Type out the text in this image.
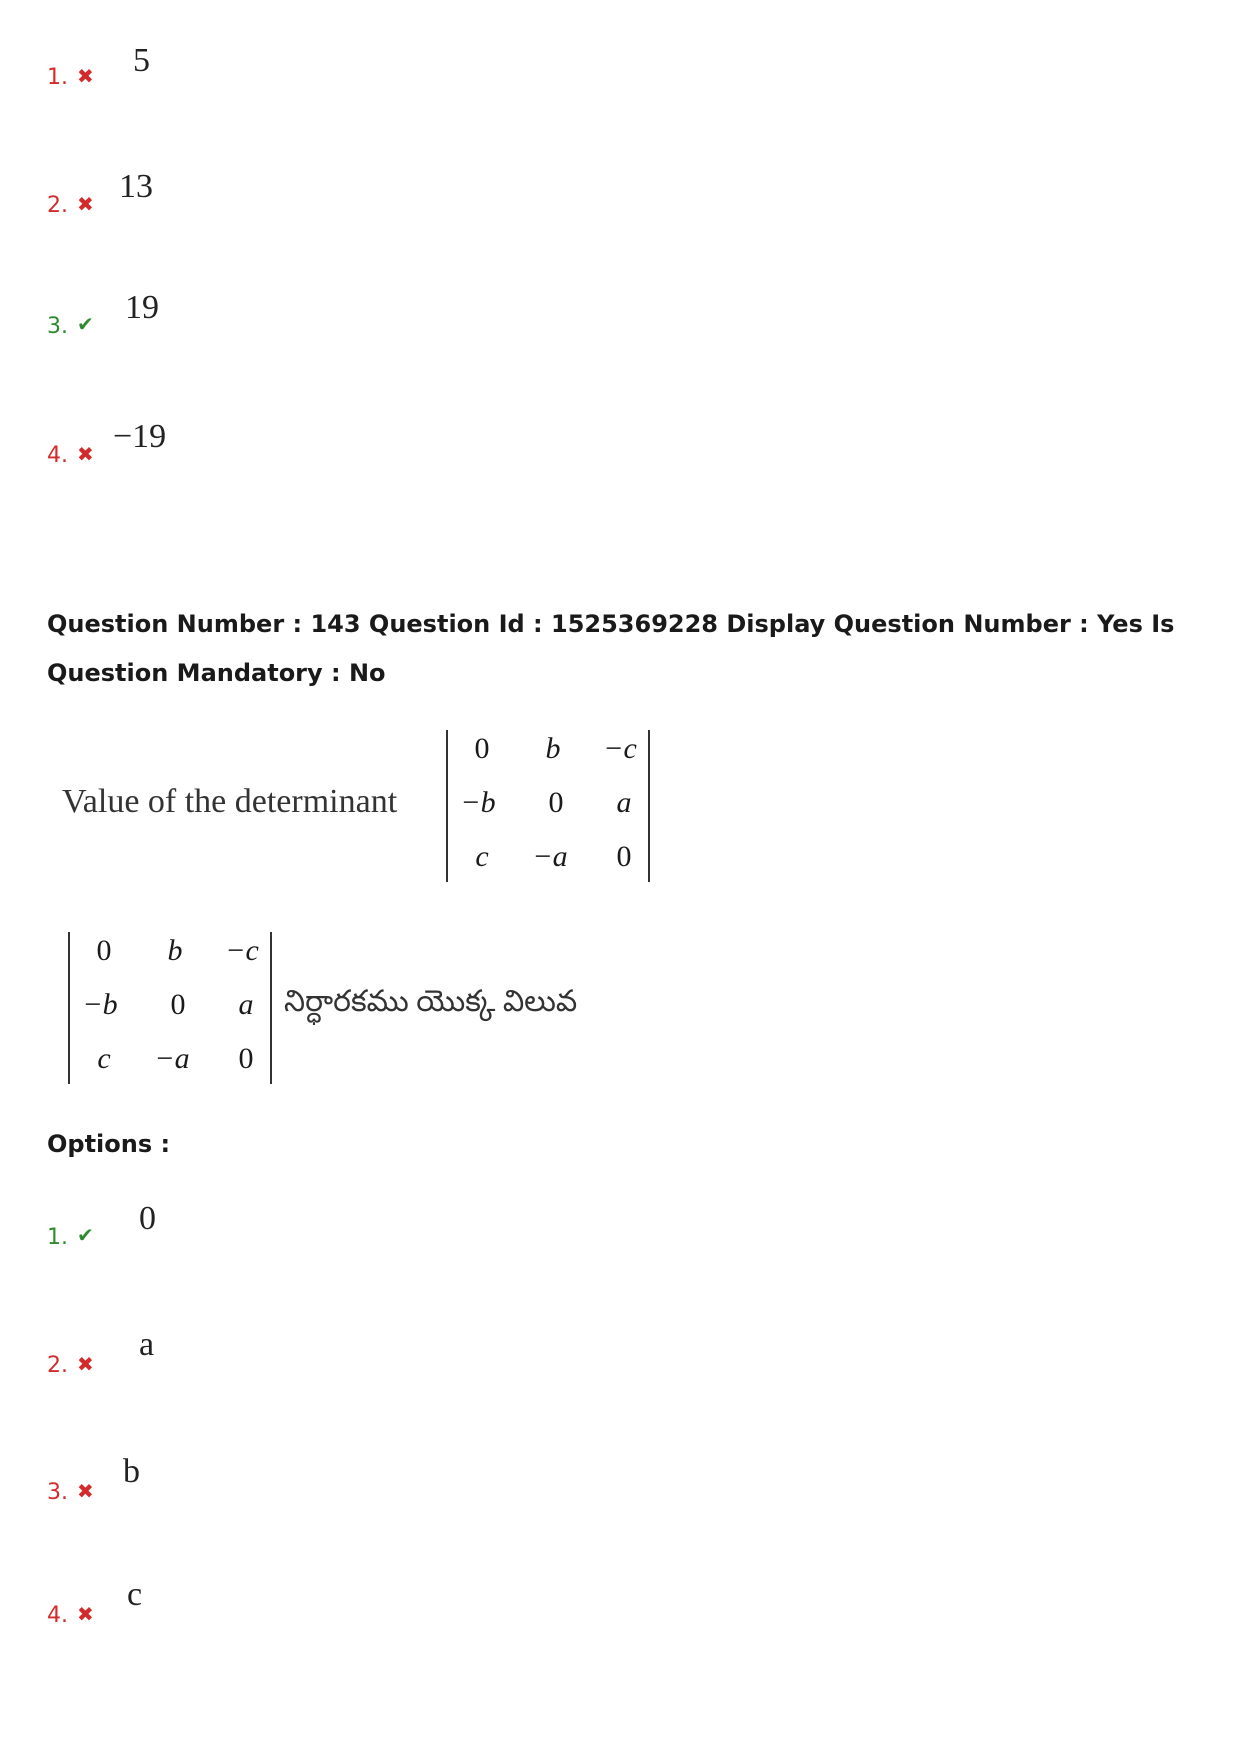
1. ✖ 5
2. ✖ 13
3. ✔ 19
4. ✖ −19
Question Number : 143 Question Id : 1525369228 Display Question Number : Yes Is Question Mandatory : No
Value of the determinant
0	b	−c
−b	0	a
c	−a	0
0	b	−c
−b	0	a
c	−a	0
నిర్ధారకము యొక్క విలువ
Options :
1. ✔ 0
2. ✖
a
3. ✖
b
4. ✖
c
